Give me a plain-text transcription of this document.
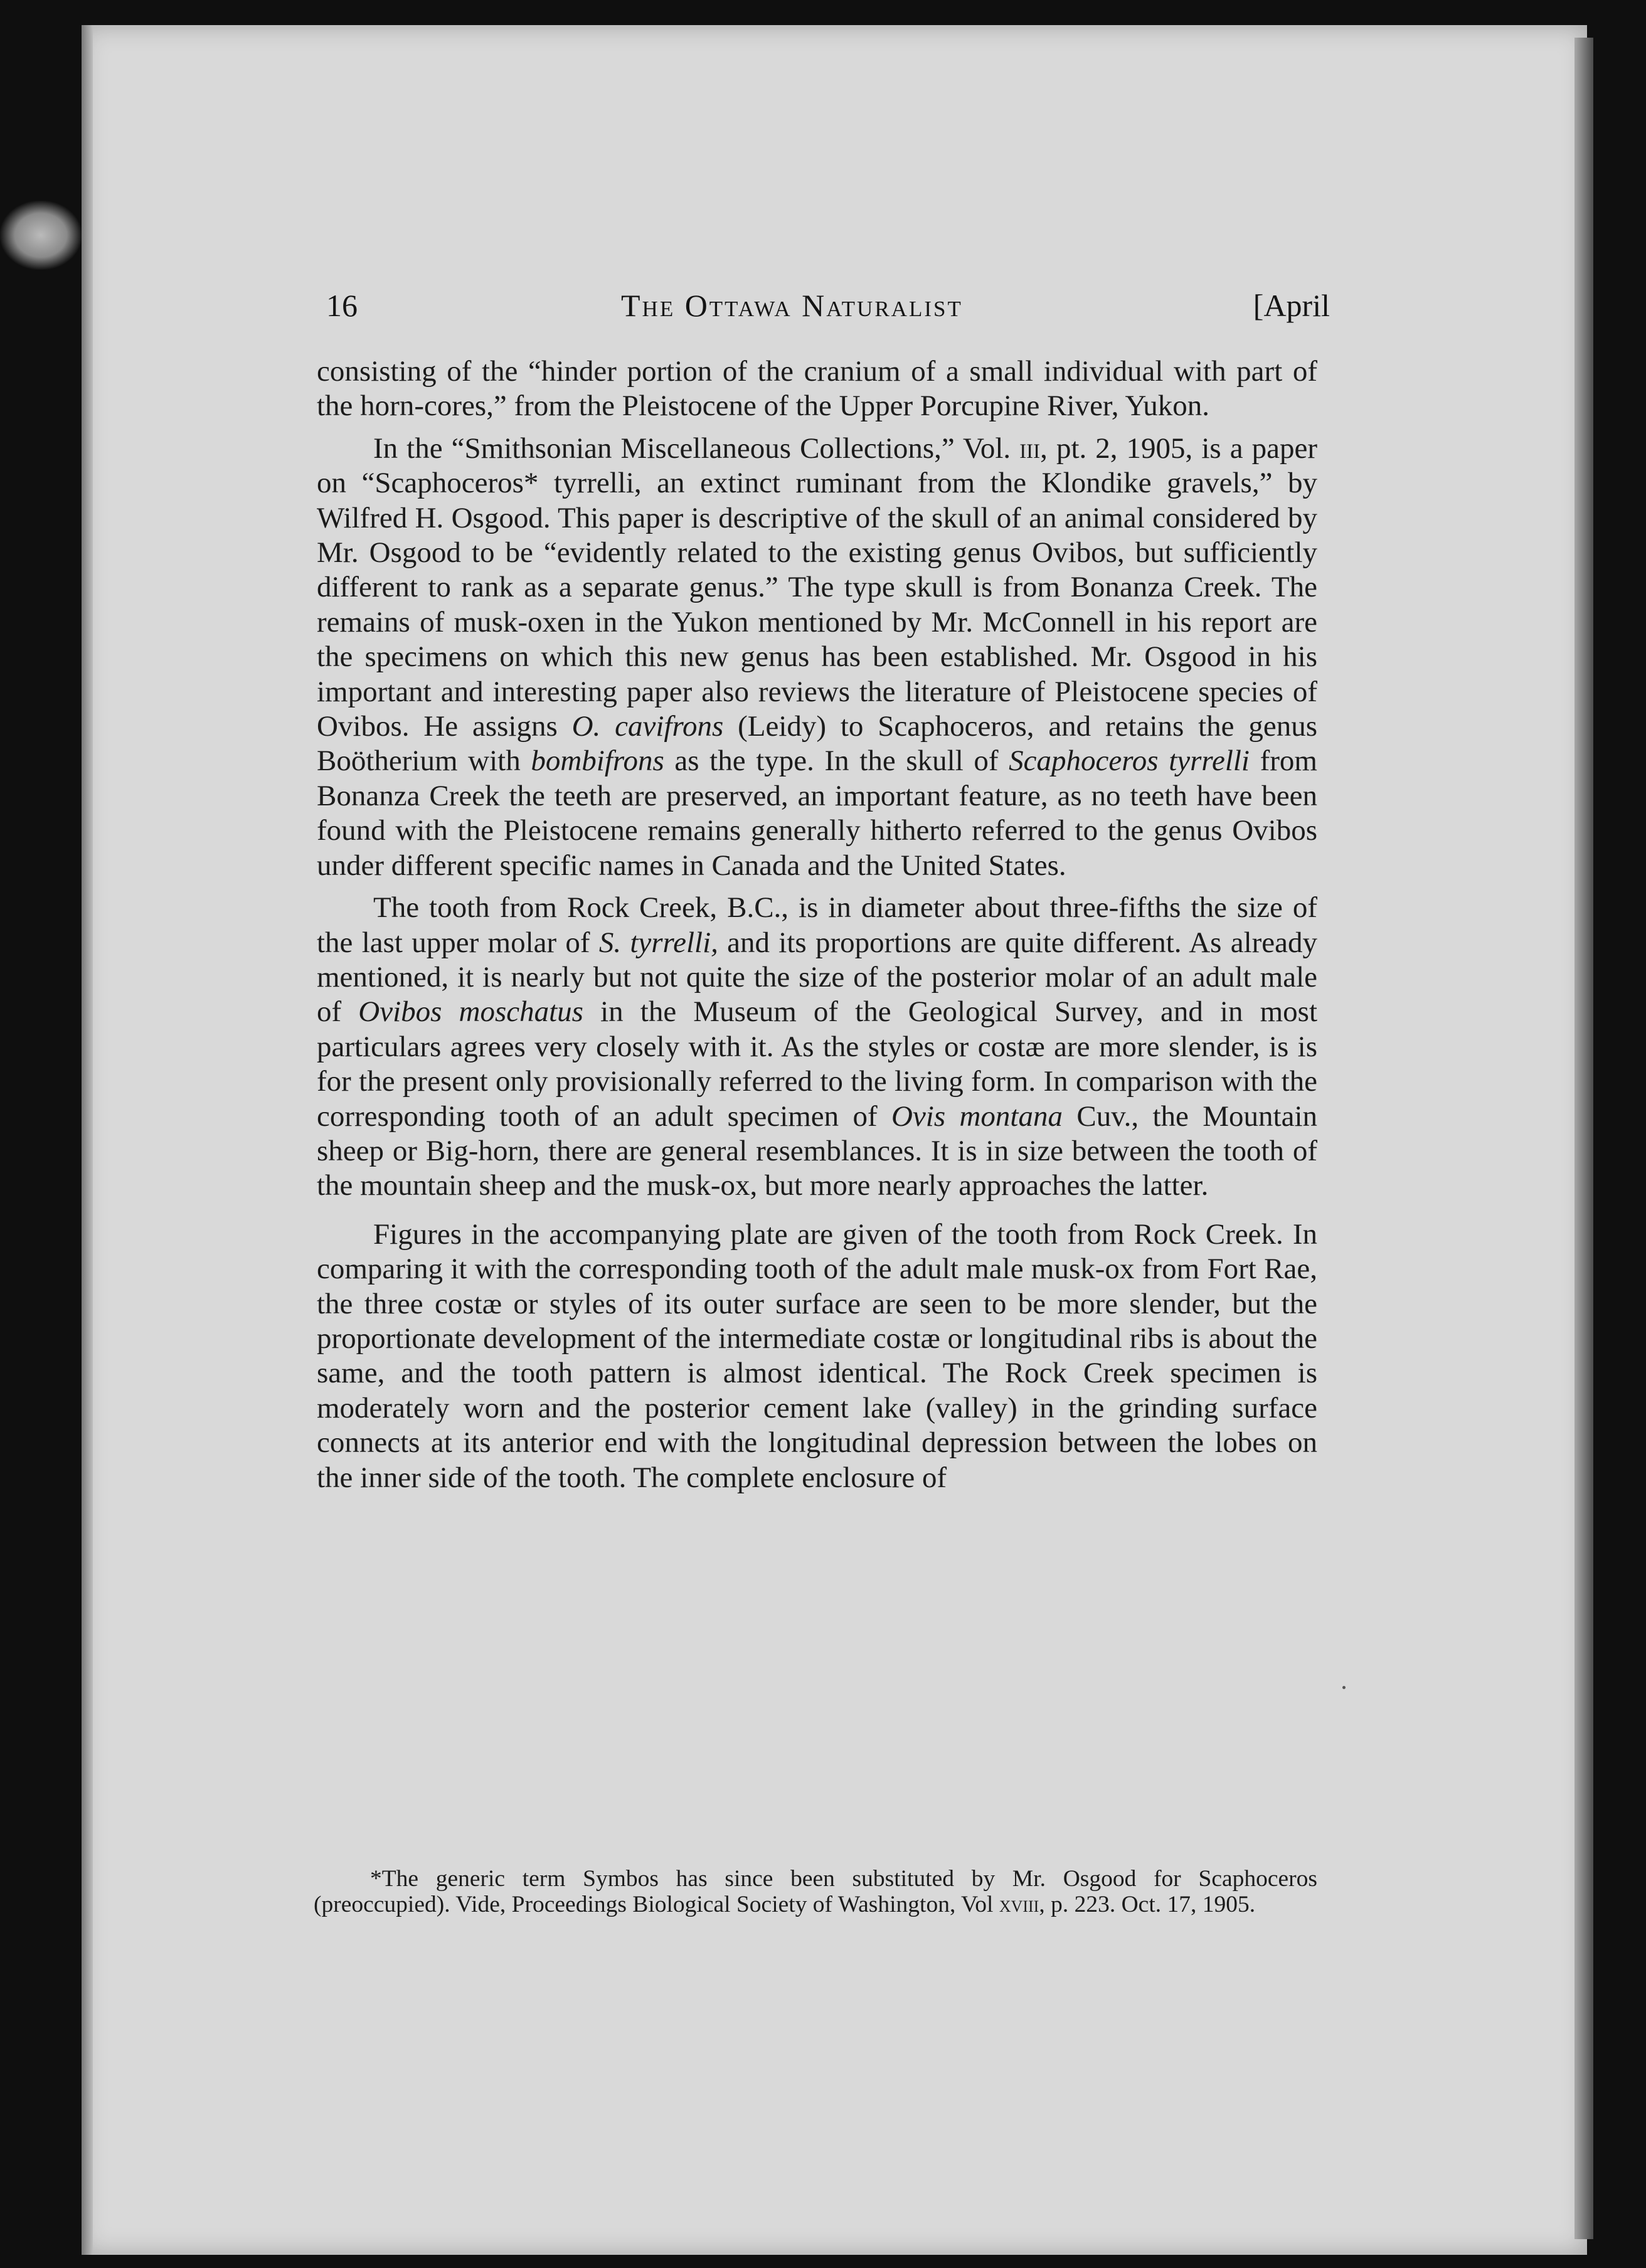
16	The Ottawa Naturalist	[April

consisting of the “hinder portion of the cranium of a small individual with part of the horn-cores,” from the Pleistocene of the Upper Porcupine River, Yukon.

In the “Smithsonian Miscellaneous Collections,” Vol. iii, pt. 2, 1905, is a paper on “Scaphoceros* tyrrelli, an extinct ruminant from the Klondike gravels,” by Wilfred H. Osgood. This paper is descriptive of the skull of an animal considered by Mr. Osgood to be “evidently related to the existing genus Ovibos, but sufficiently different to rank as a separate genus.” The type skull is from Bonanza Creek. The remains of musk-oxen in the Yukon mentioned by Mr. McConnell in his report are the specimens on which this new genus has been established. Mr. Osgood in his important and interesting paper also reviews the literature of Pleistocene species of Ovibos. He assigns O. cavifrons (Leidy) to Scaphoceros, and retains the genus Boötherium with bombifrons as the type. In the skull of Scaphoceros tyrrelli from Bonanza Creek the teeth are preserved, an important feature, as no teeth have been found with the Pleistocene remains generally hitherto referred to the genus Ovibos under different specific names in Canada and the United States.

The tooth from Rock Creek, B.C., is in diameter about three-fifths the size of the last upper molar of S. tyrrelli, and its proportions are quite different. As already mentioned, it is nearly but not quite the size of the posterior molar of an adult male of Ovibos moschatus in the Museum of the Geological Survey, and in most particulars agrees very closely with it. As the styles or costæ are more slender, is is for the present only provisionally referred to the living form. In comparison with the corresponding tooth of an adult specimen of Ovis montana Cuv., the Mountain sheep or Big-horn, there are general resemblances. It is in size between the tooth of the mountain sheep and the musk-ox, but more nearly approaches the latter.

Figures in the accompanying plate are given of the tooth from Rock Creek. In comparing it with the corresponding tooth of the adult male musk-ox from Fort Rae, the three costæ or styles of its outer surface are seen to be more slender, but the proportionate development of the intermediate costæ or longitudinal ribs is about the same, and the tooth pattern is almost identical. The Rock Creek specimen is moderately worn and the posterior cement lake (valley) in the grinding surface connects at its anterior end with the longitudinal depression between the lobes on the inner side of the tooth. The complete enclosure of

*The generic term Symbos has since been substituted by Mr. Osgood for Scaphoceros (preoccupied). Vide, Proceedings Biological Society of Washington, Vol xviii, p. 223. Oct. 17, 1905.
